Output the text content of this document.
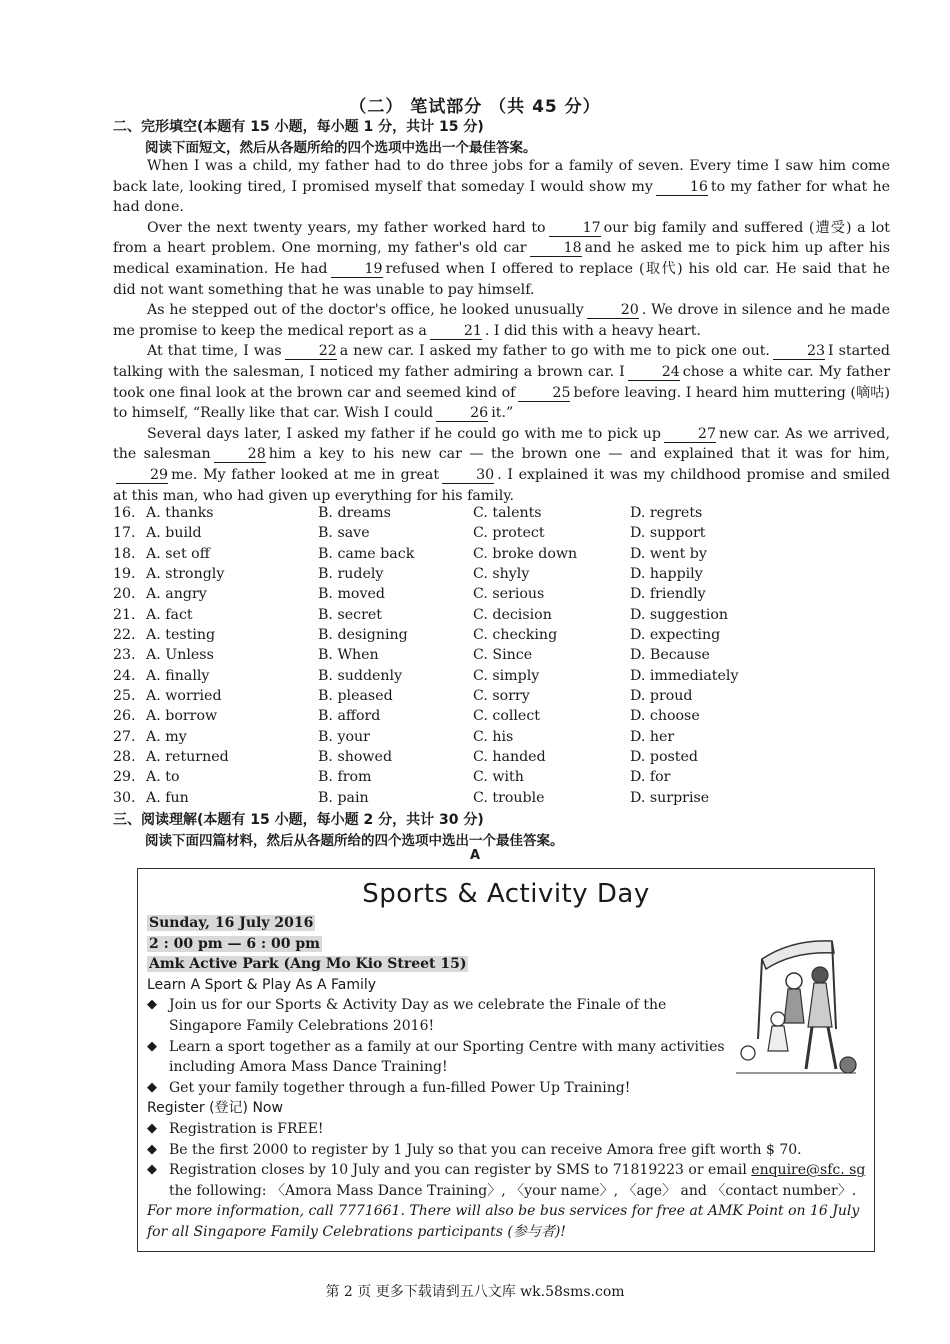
（二） 笔试部分 （共 45 分）
二、完形填空(本题有 15 小题，每小题 1 分，共计 15 分)
阅读下面短文，然后从各题所给的四个选项中选出一个最佳答案。

When I was a child, my father had to do three jobs for a family of seven. Every time I saw him come back late, looking tired, I promised myself that someday I would show my	16 to my father for what he had done.

Over the next twenty years, my father worked hard to	17 our big family and suffered (遭受) a lot from a heart problem. One morning, my father's old car	18 and he asked me to pick him up after his medical examination. He had	19 refused when I offered to replace (取代) his old car. He said that he did not want something that he was unable to pay himself.

As he stepped out of the doctor's office, he looked unusually	20 . We drove in silence and he made me promise to keep the medical report as a	21 . I did this with a heavy heart.

At that time, I was	22 a new car. I asked my father to go with me to pick one out.	23 I started talking with the salesman, I noticed my father admiring a brown car. I	24 chose a white car. My father took one final look at the brown car and seemed kind of	25 before leaving. I heard him muttering (嘀咕) to himself, “Really like that car. Wish I could	26 it.”

Several days later, I asked my father if he could go with me to pick up	27 new car. As we arrived, the salesman	28 him a key to his new car — the brown one — and explained that it was for him,29 me. My father looked at me in great	30 . I explained it was my childhood promise and smiled at this man, who had given up everything for his family.

16. A. thanks	B. dreams	C. talents	D. regrets
17. A. build	B. save	C. protect	D. support
18. A. set off	B. came back	C. broke down	D. went by
19. A. strongly	B. rudely	C. shyly	D. happily
20. A. angry	B. moved	C. serious	D. friendly
21. A. fact	B. secret	C. decision	D. suggestion
22. A. testing	B. designing	C. checking	D. expecting
23. A. Unless	B. When	C. Since	D. Because
24. A. finally	B. suddenly	C. simply	D. immediately
25. A. worried	B. pleased	C. sorry	D. proud
26. A. borrow	B. afford	C. collect	D. choose
27. A. my	B. your	C. his	D. her
28. A. returned	B. showed	C. handed	D. posted
29. A. to	B. from	C. with	D. for
30. A. fun	B. pain	C. trouble	D. surprise
三、阅读理解(本题有 15 小题，每小题 2 分，共计 30 分)
阅读下面四篇材料，然后从各题所给的四个选项中选出一个最佳答案。
A
Sports & Activity Day
Sunday, 16 July 2016
2 : 00 pm — 6 : 00 pm
Amk Active Park (Ang Mo Kio Street 15)
Learn A Sport & Play As A Family
◆ Join us for our Sports & Activity Day as we celebrate the Finale of the Singapore Family Celebrations 2016!
◆ Learn a sport together as a family at our Sporting Centre with many activities including Amora Mass Dance Training!
◆ Get your family together through a fun-filled Power Up Training!
Register (登记) Now
◆ Registration is FREE!
◆ Be the first 2000 to register by 1 July so that you can receive Amora free gift worth $ 70.
◆ Registration closes by 10 July and you can register by SMS to 71819223 or email enquire@sfc. sg
the following: 〈Amora Mass Dance Training〉, 〈your name〉, 〈age〉 and 〈contact number〉.
For more information, call 7771661. There will also be bus services for free at AMK Point on 16 July for all Singapore Family Celebrations participants (参与者)!
第 2 页 更多下载请到五八文库 wk.58sms.com
